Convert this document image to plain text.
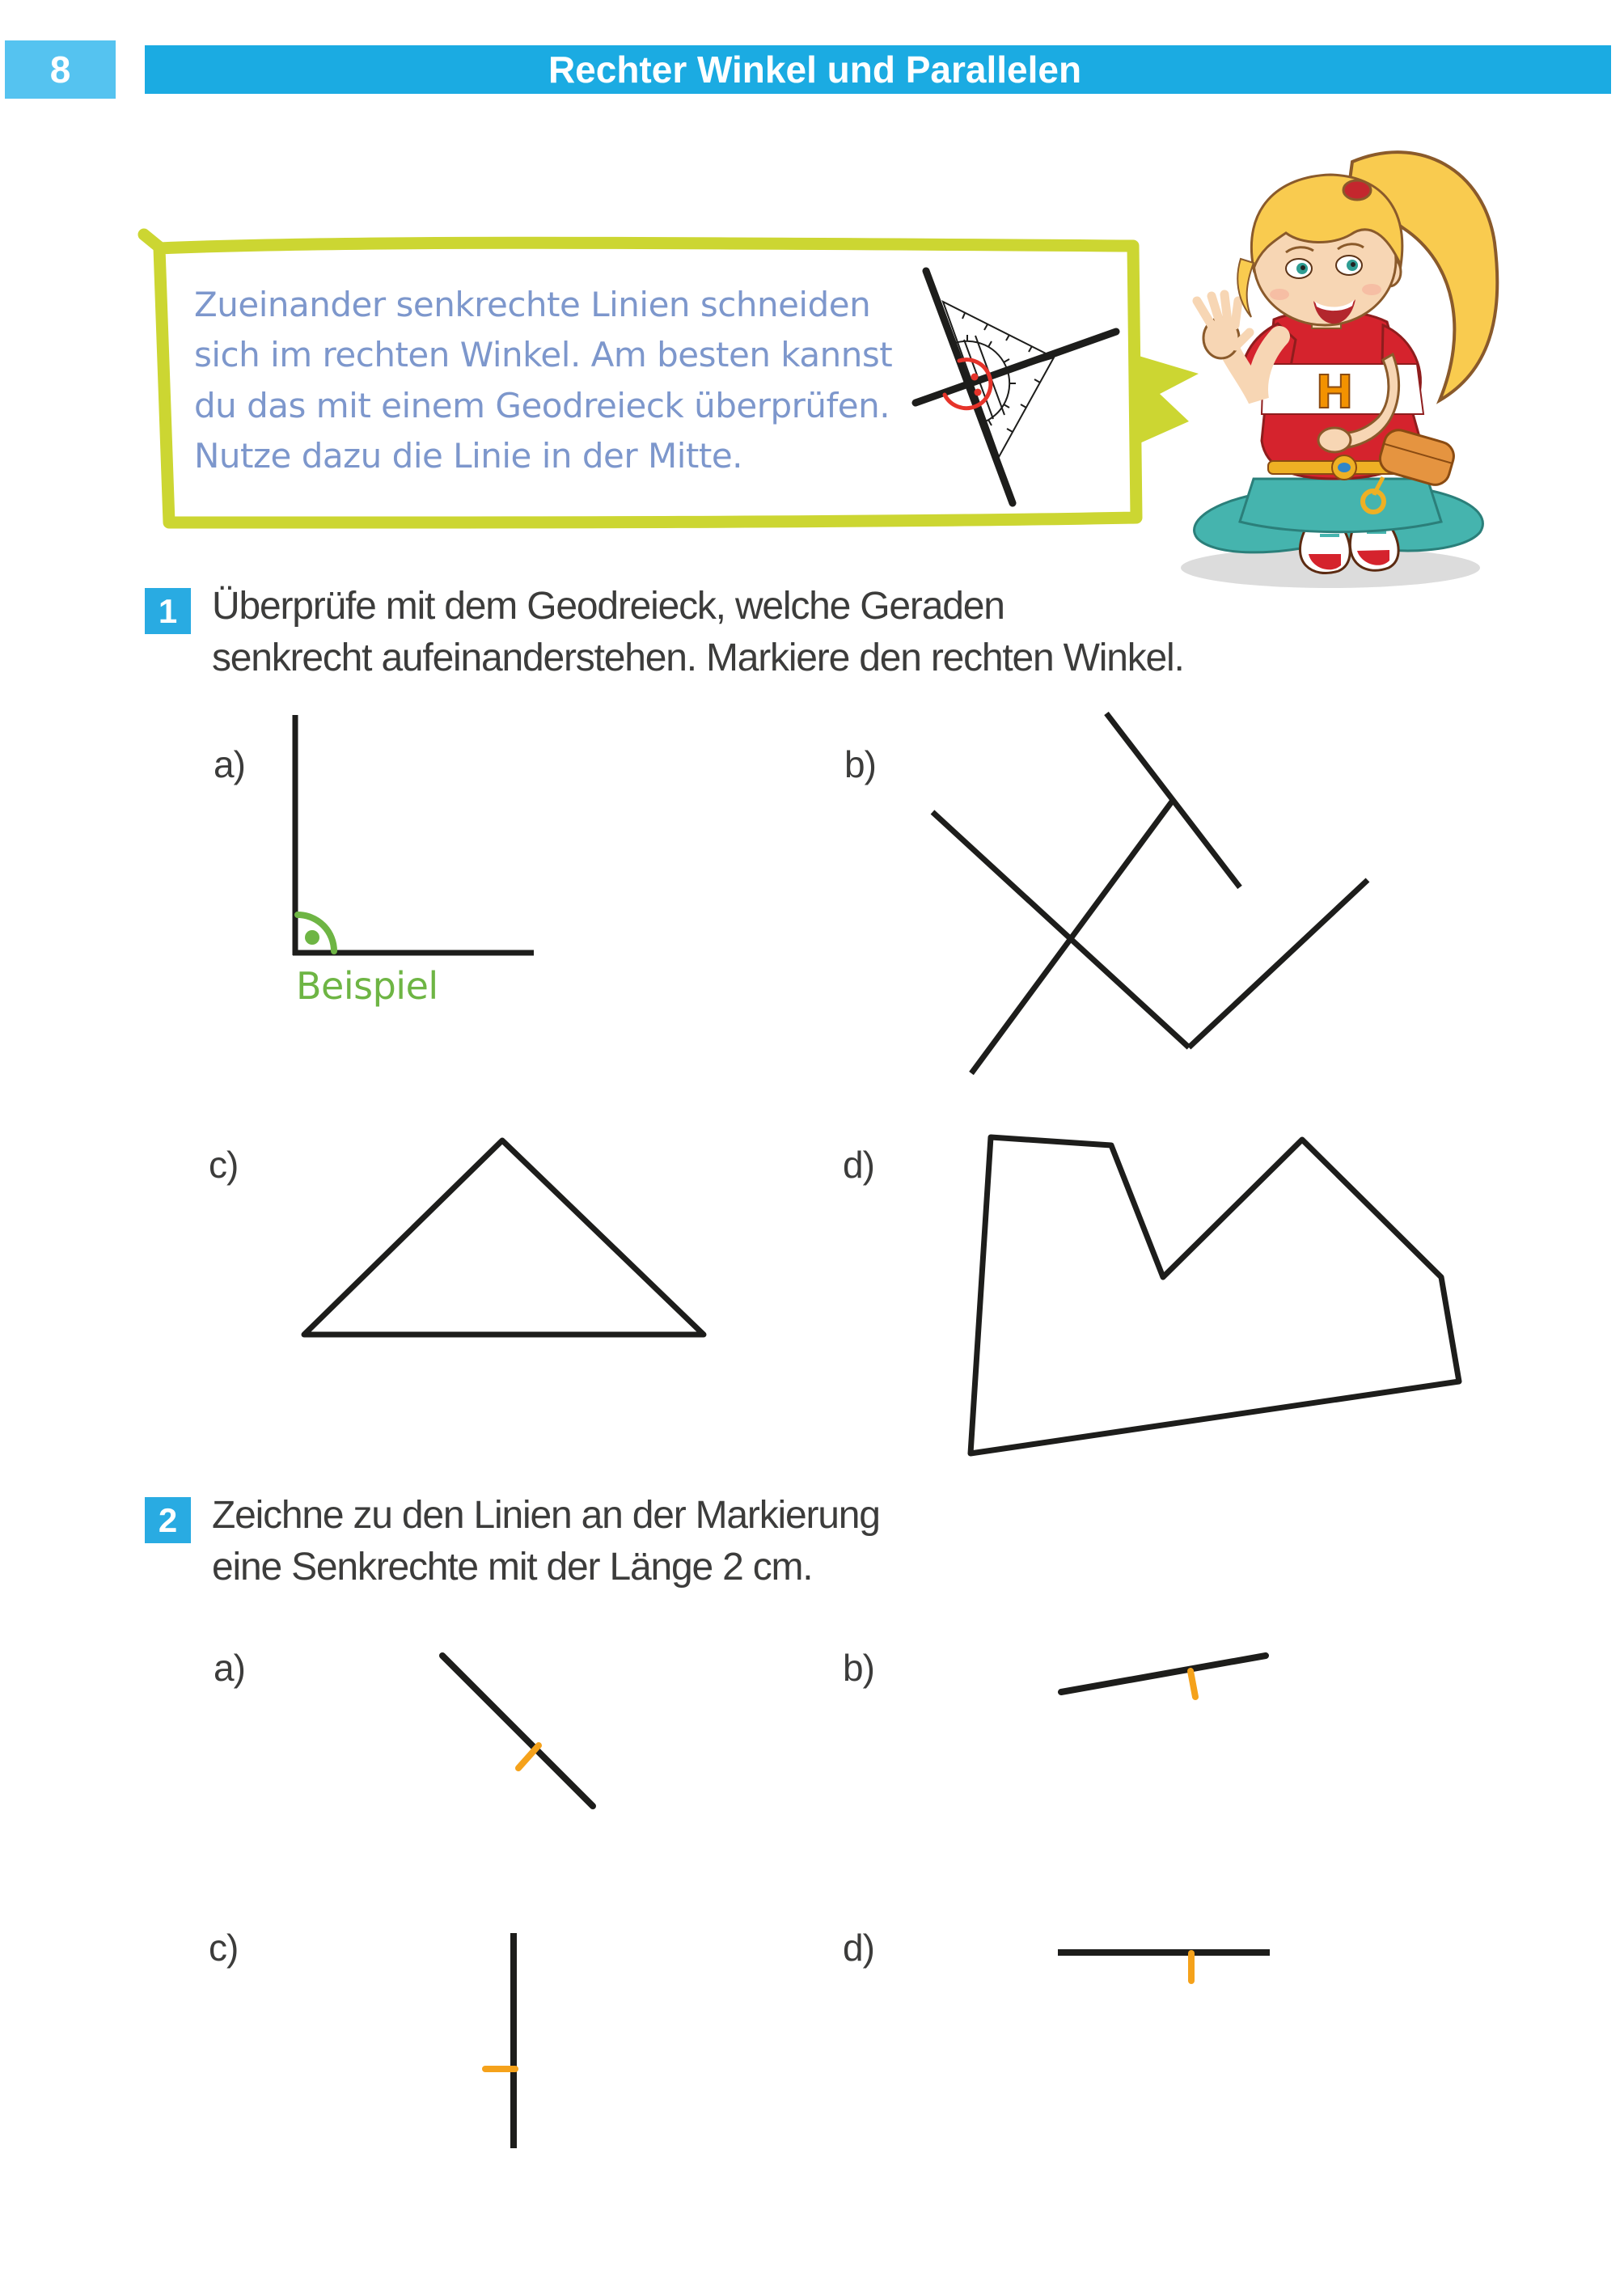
8	Rechter Winkel und Parallelen
H
Zueinander senkrechte Linien schneiden
sich im rechten Winkel. Am besten kannst
du das mit einem Geodreieck überprüfen.
Nutze dazu die Linie in der Mitte.
1 Überprüfe mit dem Geodreieck, welche Geraden
senkrecht aufeinanderstehen. Markiere den rechten Winkel.
a)	b)
c)	d)
Beispiel
2 Zeichne zu den Linien an der Markierung
eine Senkrechte mit der Länge 2 cm.
a)	b)
c)	d)
